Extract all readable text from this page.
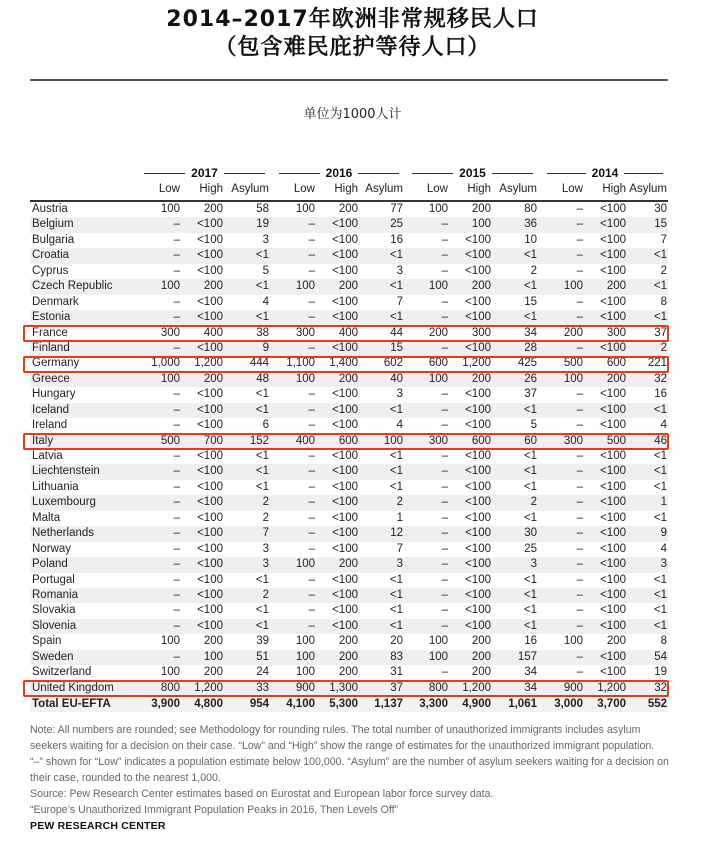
2014–2017年欧洲非常规移民人口
（包含难民庇护等待人口）
单位为1000人计
2017	2016	2015	2014
Low	High Asylum	Low	High Asylum	Low	High Asylum	Low	High Asylum
Austria	100	200	58	100	200	77	100	200	80	–	<100	30
Belgium	–	<100	19	–	<100	25	–	100	36	–	<100	15
Bulgaria	–	<100	3	–	<100	16	–	<100	10	–	<100	7
Croatia	–	<100	<1	–	<100	<1	–	<100	<1	–	<100	<1
Cyprus	–	<100	5	–	<100	3	–	<100	2	–	<100	2
Czech Republic	100	200	<1	100	200	<1	100	200	<1	100	200	<1
Denmark	–	<100	4	–	<100	7	–	<100	15	–	<100	8
Estonia	–	<100	<1	–	<100	<1	–	<100	<1	–	<100	<1
France	300	400	38	300	400	44	200	300	34	200	300	37
Finland	–	<100	9	–	<100	15	–	<100	28	–	<100	2
Germany	1,000	1,200	444	1,100	1,400	602	600	1,200	425	500	600	221
Greece	100	200	48	100	200	40	100	200	26	100	200	32
Hungary	–	<100	<1	–	<100	3	–	<100	37	–	<100	16
Iceland	–	<100	<1	–	<100	<1	–	<100	<1	–	<100	<1
Ireland	–	<100	6	–	<100	4	–	<100	5	–	<100	4
Italy	500	700	152	400	600	100	300	600	60	300	500	46
Latvia	–	<100	<1	–	<100	<1	–	<100	<1	–	<100	<1
Liechtenstein	–	<100	<1	–	<100	<1	–	<100	<1	–	<100	<1
Lithuania	–	<100	<1	–	<100	<1	–	<100	<1	–	<100	<1
Luxembourg	–	<100	2	–	<100	2	–	<100	2	–	<100	1
Malta	–	<100	2	–	<100	1	–	<100	<1	–	<100	<1
Netherlands	–	<100	7	–	<100	12	–	<100	30	–	<100	9
Norway	–	<100	3	–	<100	7	–	<100	25	–	<100	4
Poland	–	<100	3	100	200	3	–	<100	3	–	<100	3
Portugal	–	<100	<1	–	<100	<1	–	<100	<1	–	<100	<1
Romania	–	<100	2	–	<100	<1	–	<100	<1	–	<100	<1
Slovakia	–	<100	<1	–	<100	<1	–	<100	<1	–	<100	<1
Slovenia	–	<100	<1	–	<100	<1	–	<100	<1	–	<100	<1
Spain	100	200	39	100	200	20	100	200	16	100	200	8
Sweden	–	100	51	100	200	83	100	200	157	–	<100	54
Switzerland	100	200	24	100	200	31	–	200	34	–	<100	19
United Kingdom	800	1,200	33	900	1,300	37	800	1,200	34	900	1,200	32
Total EU-EFTA	3,900	4,800	954	4,100	5,300	1,137	3,300	4,900	1,061	3,000	3,700	552
Note: All numbers are rounded; see Methodology for rounding rules. The total number of unauthorized immigrants includes asylum seekers waiting for a decision on their case. “Low” and “High” show the range of estimates for the unauthorized immigrant population. “–” shown for “Low” indicates a population estimate below 100,000. “Asylum” are the number of asylum seekers waiting for a decision on their case, rounded to the nearest 1,000.
Source: Pew Research Center estimates based on Eurostat and European labor force survey data.
“Europe’s Unauthorized Immigrant Population Peaks in 2016, Then Levels Off”
PEW RESEARCH CENTER
